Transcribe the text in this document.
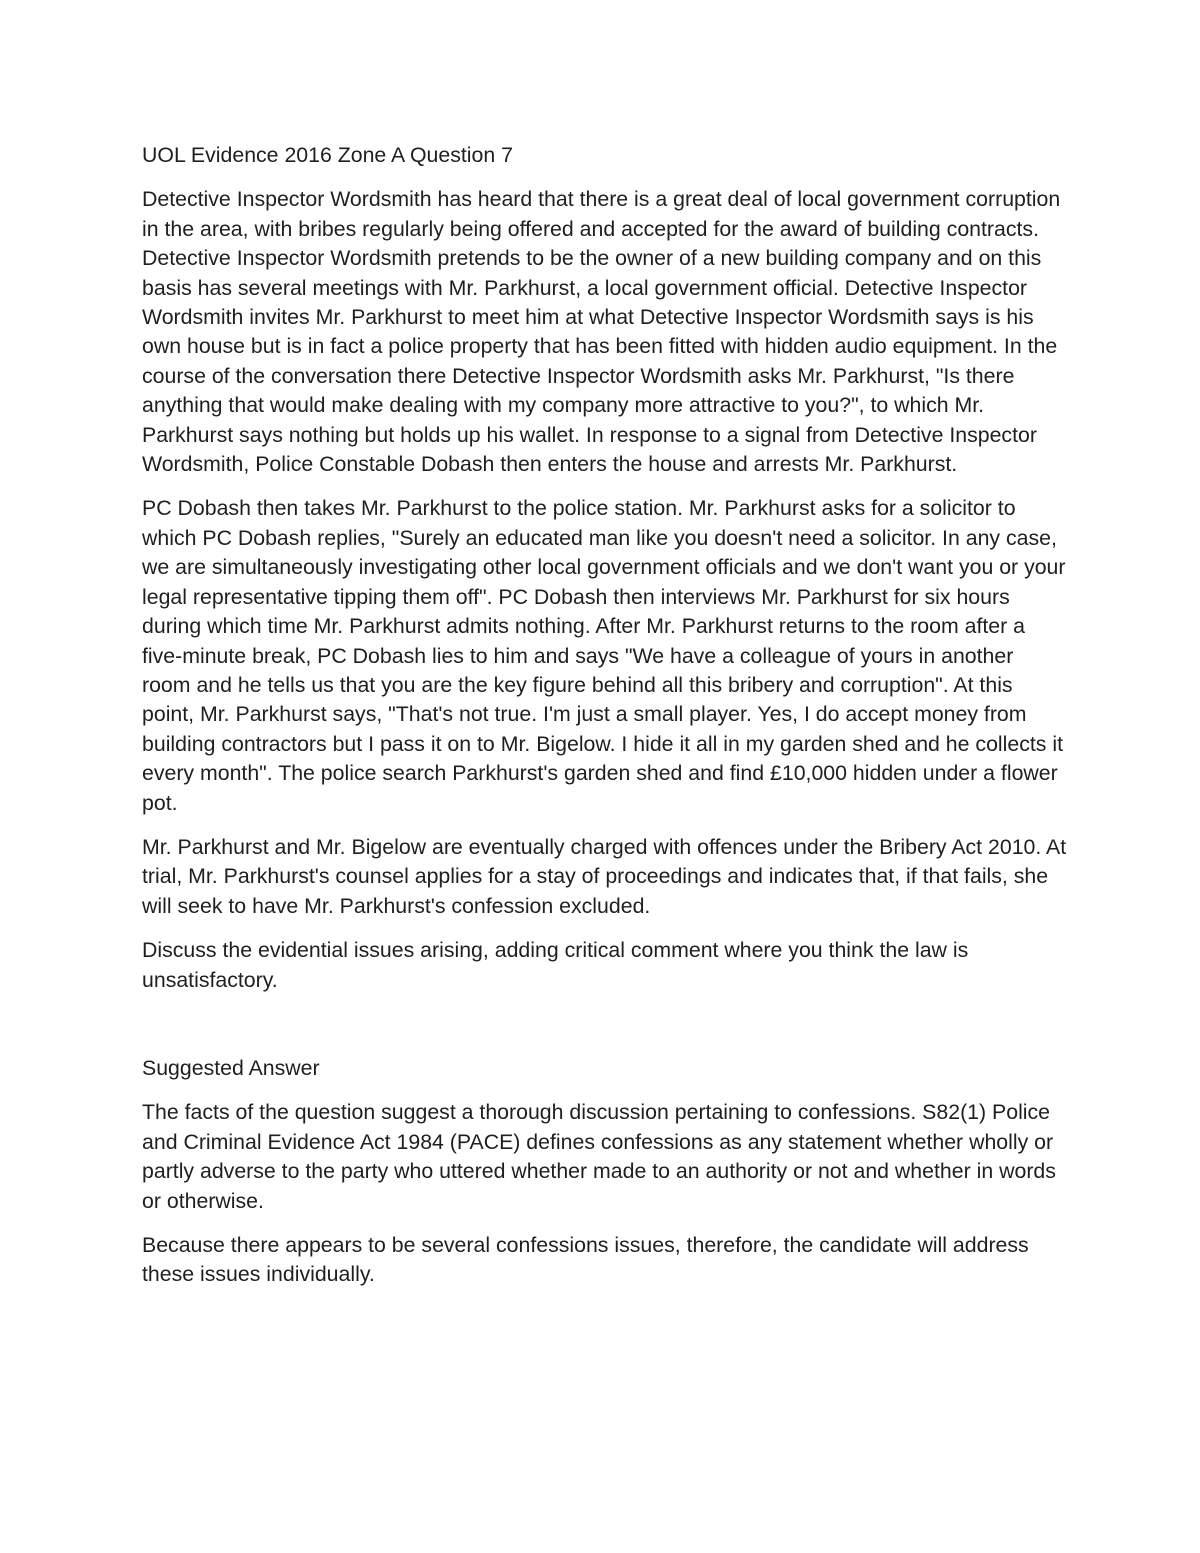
UOL Evidence 2016 Zone A Question 7

Detective Inspector Wordsmith has heard that there is a great deal of local government corruption in the area, with bribes regularly being offered and accepted for the award of building contracts. Detective Inspector Wordsmith pretends to be the owner of a new building company and on this basis has several meetings with Mr. Parkhurst, a local government official. Detective Inspector Wordsmith invites Mr. Parkhurst to meet him at what Detective Inspector Wordsmith says is his own house but is in fact a police property that has been fitted with hidden audio equipment. In the course of the conversation there Detective Inspector Wordsmith asks Mr. Parkhurst, "Is there anything that would make dealing with my company more attractive to you?", to which Mr. Parkhurst says nothing but holds up his wallet. In response to a signal from Detective Inspector Wordsmith, Police Constable Dobash then enters the house and arrests Mr. Parkhurst.

PC Dobash then takes Mr. Parkhurst to the police station. Mr. Parkhurst asks for a solicitor to which PC Dobash replies, "Surely an educated man like you doesn't need a solicitor. In any case, we are simultaneously investigating other local government officials and we don't want you or your legal representative tipping them off". PC Dobash then interviews Mr. Parkhurst for six hours during which time Mr. Parkhurst admits nothing. After Mr. Parkhurst returns to the room after a five-minute break, PC Dobash lies to him and says "We have a colleague of yours in another room and he tells us that you are the key figure behind all this bribery and corruption". At this point, Mr. Parkhurst says, "That's not true. I'm just a small player. Yes, I do accept money from building contractors but I pass it on to Mr. Bigelow. I hide it all in my garden shed and he collects it every month". The police search Parkhurst's garden shed and find £10,000 hidden under a flower pot.

Mr. Parkhurst and Mr. Bigelow are eventually charged with offences under the Bribery Act 2010. At trial, Mr. Parkhurst's counsel applies for a stay of proceedings and indicates that, if that fails, she will seek to have Mr. Parkhurst's confession excluded.

Discuss the evidential issues arising, adding critical comment where you think the law is unsatisfactory.

Suggested Answer

The facts of the question suggest a thorough discussion pertaining to confessions. S82(1) Police and Criminal Evidence Act 1984 (PACE) defines confessions as any statement whether wholly or partly adverse to the party who uttered whether made to an authority or not and whether in words or otherwise.

Because there appears to be several confessions issues, therefore, the candidate will address these issues individually.
